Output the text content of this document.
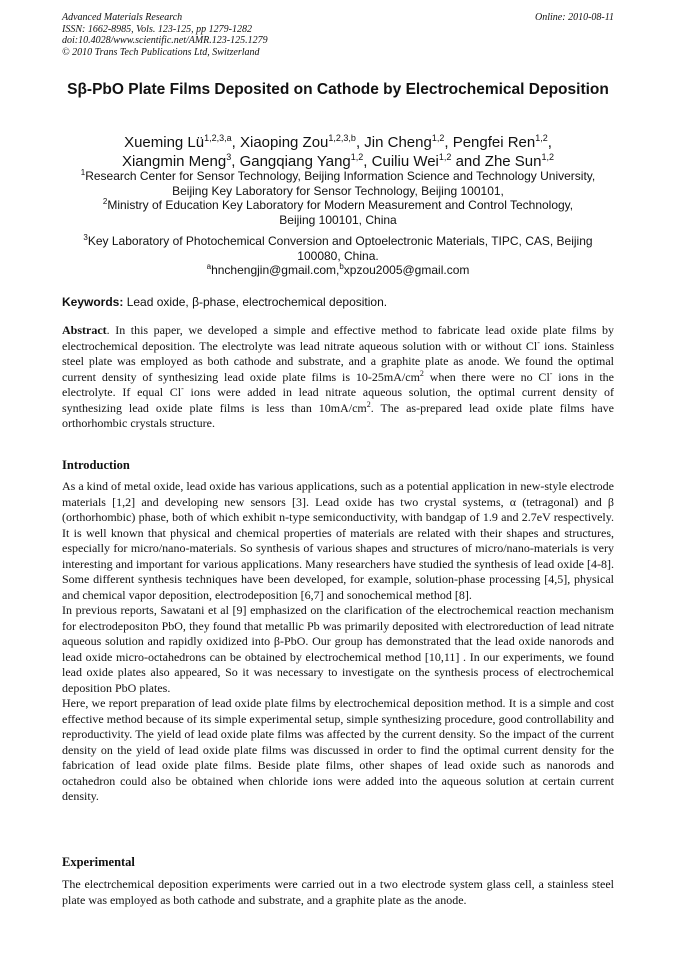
Advanced Materials Research
ISSN: 1662-8985, Vols. 123-125, pp 1279-1282
doi:10.4028/www.scientific.net/AMR.123-125.1279
© 2010 Trans Tech Publications Ltd, Switzerland
Online: 2010-08-11
Sβ-PbO Plate Films Deposited on Cathode by Electrochemical Deposition
Xueming Lü$^{1,2,3,a}$, Xiaoping Zou$^{1,2,3,b}$, Jin Cheng$^{1,2}$, Pengfei Ren$^{1,2}$,
Xiangmin Meng$^3$, Gangqiang Yang$^{1,2}$, Cuiliu Wei$^{1,2}$ and Zhe Sun$^{1,2}$
$^1$Research Center for Sensor Technology, Beijing Information Science and Technology University,
Beijing Key Laboratory for Sensor Technology, Beijing 100101,
$^2$Ministry of Education Key Laboratory for Modern Measurement and Control Technology,
Beijing 100101, China
$^3$Key Laboratory of Photochemical Conversion and Optoelectronic Materials, TIPC, CAS, Beijing
100080, China.
$^a$hnchengjin@gmail.com,$^b$xpzou2005@gmail.com
Keywords: Lead oxide, β-phase, electrochemical deposition.

Abstract. In this paper, we developed a simple and effective method to fabricate lead oxide plate films by electrochemical deposition. The electrolyte was lead nitrate aqueous solution with or without Cl- ions. Stainless steel plate was employed as both cathode and substrate, and a graphite plate as anode. We found the optimal current density of synthesizing lead oxide plate films is $10-25mA/cm^2$ when there were no Cl- ions in the electrolyte. If equal Cl- ions were added in lead nitrate aqueous solution, the optimal current density of synthesizing lead oxide plate films is less than $10mA/cm^2$. The as-prepared lead oxide plate films have orthorhombic crystals structure.

Introduction

As a kind of metal oxide, lead oxide has various applications, such as a potential application in new-style electrode materials [1,2] and developing new sensors [3]. Lead oxide has two crystal systems, α (tetragonal) and β (orthorhombic) phase, both of which exhibit n-type semiconductivity, with bandgap of 1.9 and 2.7eV respectively. It is well known that physical and chemical properties of materials are related with their shapes and structures, especially for micro/nano-materials. So synthesis of various shapes and structures of micro/nano-materials is very interesting and important for various applications. Many researchers have studied the synthesis of lead oxide [4-8]. Some different synthesis techniques have been developed, for example, solution-phase processing [4,5], physical and chemical vapor deposition, electrodeposition [6,7] and sonochemical method [8].

In previous reports, Sawatani et al [9] emphasized on the clarification of the electrochemical reaction mechanism for electrodepositon PbO, they found that metallic Pb was primarily deposited with electroreduction of lead nitrate aqueous solution and rapidly oxidized into β-PbO. Our group has demonstrated that the lead oxide nanorods and lead oxide micro-octahedrons can be obtained by electrochemical method [10,11] . In our experiments, we found lead oxide plates also appeared, So it was necessary to investigate on the synthesis process of electrochemical deposition PbO plates.

Here, we report preparation of lead oxide plate films by electrochemical deposition method. It is a simple and cost effective method because of its simple experimental setup, simple synthesizing procedure, good controllability and reproductivity. The yield of lead oxide plate films was affected by the current density. So the impact of the current density on the yield of lead oxide plate films was discussed in order to find the optimal current density for the fabrication of lead oxide plate films. Beside plate films, other shapes of lead oxide such as nanorods and octahedron could also be obtained when chloride ions were added into the aqueous solution at certain current density.

Experimental

The electrchemical deposition experiments were carried out in a two electrode system glass cell, a stainless steel plate was employed as both cathode and substrate, and a graphite plate as the anode.
